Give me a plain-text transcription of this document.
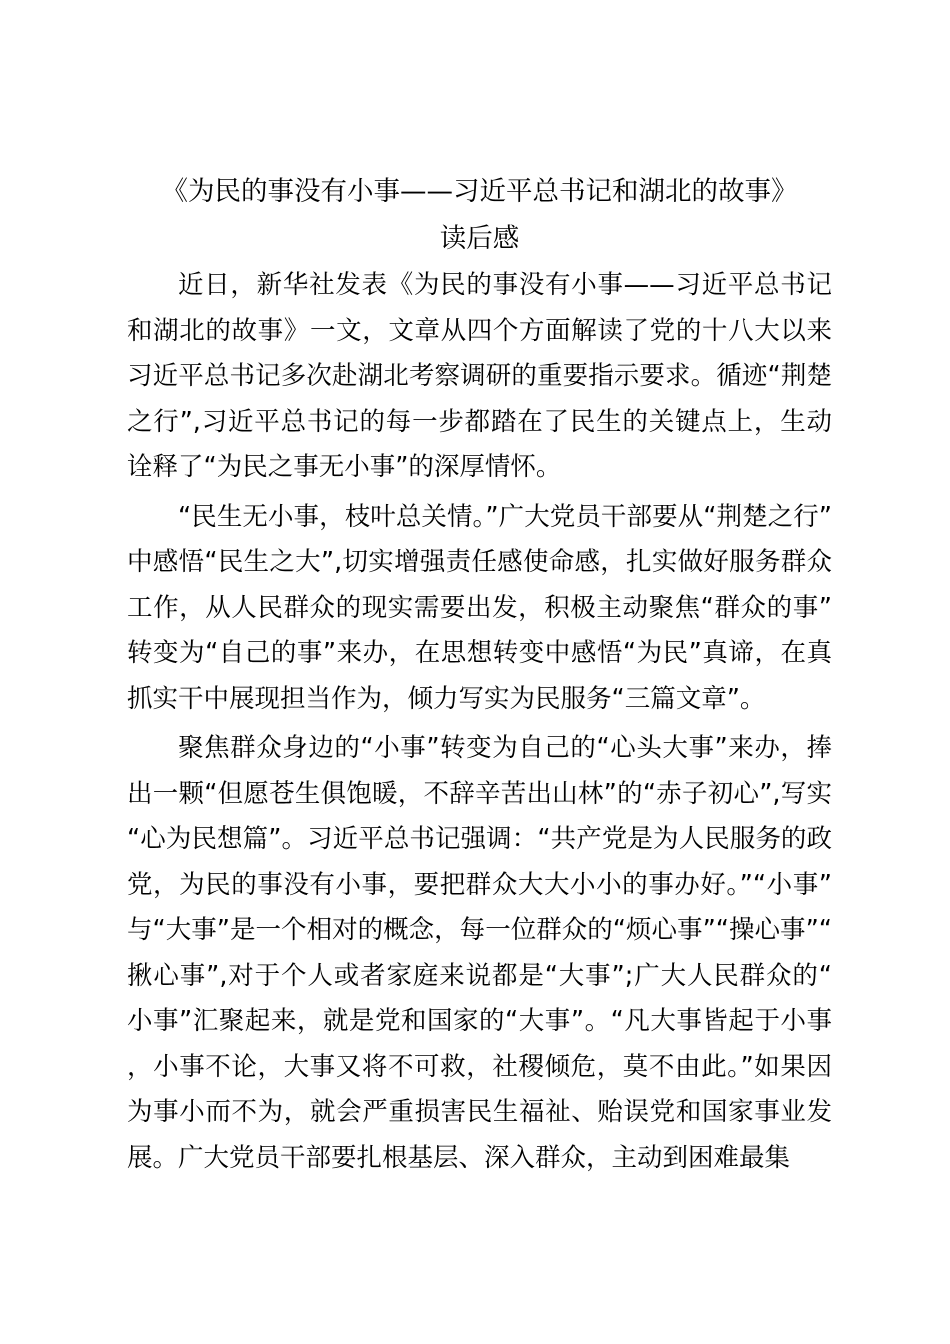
《为民的事没有小事——习近平总书记和湖北的故事》
读后感

近日，新华社发表《为民的事没有小事——习近平总书记和湖北的故事》一文，文章从四个方面解读了党的十八大以来习近平总书记多次赴湖北考察调研的重要指示要求。循迹“荆楚之行”,习近平总书记的每一步都踏在了民生的关键点上，生动诠释了“为民之事无小事”的深厚情怀。

“民生无小事，枝叶总关情。”广大党员干部要从“荆楚之行”中感悟“民生之大”,切实增强责任感使命感，扎实做好服务群众工作，从人民群众的现实需要出发，积极主动聚焦“群众的事”转变为“自己的事”来办，在思想转变中感悟“为民”真谛，在真抓实干中展现担当作为，倾力写实为民服务“三篇文章”。

聚焦群众身边的“小事”转变为自己的“心头大事”来办，捧出一颗“但愿苍生俱饱暖，不辞辛苦出山林”的“赤子初心”,写实“心为民想篇”。习近平总书记强调：“共产党是为人民服务的政党，为民的事没有小事，要把群众大大小小的事办好。”“小事”与“大事”是一个相对的概念，每一位群众的“烦心事”“操心事”“揪心事”,对于个人或者家庭来说都是“大事”;广大人民群众的“小事”汇聚起来，就是党和国家的“大事”。“凡大事皆起于小事，小事不论，大事又将不可救，社稷倾危，莫不由此。”如果因为事小而不为，就会严重损害民生福祉、贻误党和国家事业发展。广大党员干部要扎根基层、深入群众，主动到困难最集
